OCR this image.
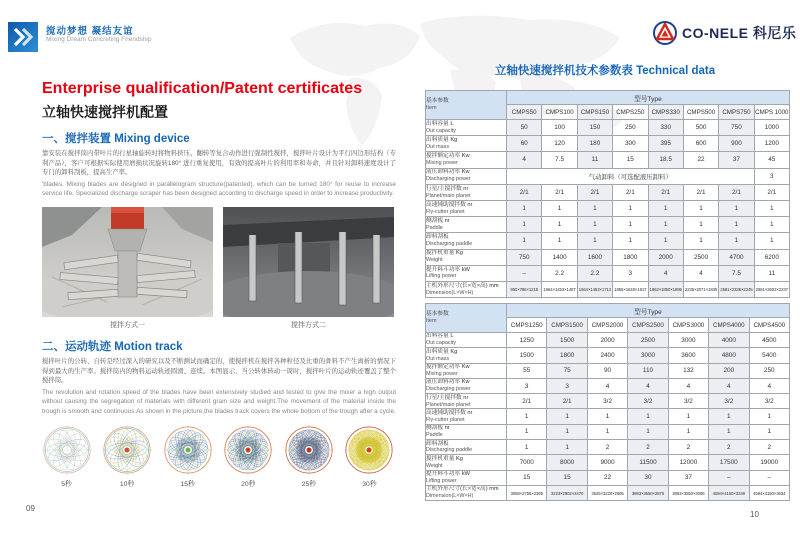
搅动梦想 凝结友谊
Mixing Dream Concreting Friendship	CO-NELE 科尼乐
Enterprise qualification/Patent certificates
立轴快速搅拌机配置
一、搅拌装置 Mixing device
靠安装在搅拌筒内带叶片的行星轴旋转时将物料挤压、翻转等复合动作进行强制性搅拌，搅拌叶片设计为平行四边形结构（专利产品），客户可根据实际使用磨损状况旋转180° 进行重复使用，有效的提高叶片的利用率和寿命，并且针对卸料速度设计了专门的卸料刮板，提高生产率。
'blades. Mixing blades are designed in parallelogram structure(patented), which can be turned 180° for reuse to increase service life. Specialized discharge scraper has been designed according to discharge speed in order to increase productivity.
搅拌方式一	搅拌方式二
二、运动轨迹 Motion track
搅拌叶片的公转、自转是经过深入的研究以及不断测试而确定的，使搅拌机在搅拌各种粒径及比重的骨料不产生离析的情况下得到最大的生产率。搅拌筒内的物料运动轨迹圆滑、连续。本图显示，当公转体转动一周时，搅拌叶片的运动轨迹覆盖了整个搅拌筒。
The revolution and rotation speed of the blades have been extensively studied and tested to give the mixer a high output without causing the segregation of materials with different grain size and weight.The movement of the material inside the trough is smooth and continuous.As shown in the picture,the blades track covers the whole bottom of the trough after a cycle.
5秒	10秒	15秒	20秒	25秒	30秒
09
10
立轴快速搅拌机技术参数表 Technical data
基本参数
Item	型号Type							
	CMPS50	CMPS100	CMPS150	CMPS250	CMPS330	CMPS500	CMPS750	CMPS 1000

出料容量 L
Out capacity	50	100	150	250	330	500	750	1000

出料质量 Kg
Out mass	60	120	180	300	395	600	900	1200

搅拌额定功率 Kw
Mixing power	4	7.5	11	15	18.5	22	37	45

液压卸料功率 Kw
Discharging power	气动卸料（可选配液压卸料）							3

行星/主搅拌数 nr
Planet/main planet	2/1	2/1	2/1	2/1	2/1	2/1	2/1	2/1

高速辅助搅拌数 nr
Fly-cutter planet	1	1	1	1	1	1	1	1

侧刮板 nr
Paddle	1	1	1	1	1	1	1	1

卸料刮板
Discharging paddle	1	1	1	1	1	1	1	1

搅拌机重量 Kg
Weight	750	1400	1600	1800	2000	2500	4700	6200

提升料斗功率 kW
Lifting power	–	2.2	2.2	3	4	4	7.5	11

主机外形尺寸(长×宽×高) mm
Dimension(L×W×H)	950×786×1215	1664×1453×1487	1664×1453×1712	1856×1648×1817	1862×1850×1895	2235×2071×1935	2581×2336×2245	2861×2602×2237
基本参数
Item	型号Type						
	CMPS1250	CMPS1500	CMPS2000	CMPS2500	CMPS3000	CMPS4000	CMPS4500

出料容量 L
Out capacity	1250	1500	2000	2500	3000	4000	4500

出料质量 Kg
Out mass	1500	1800	2400	3000	3600	4800	5400

搅拌额定功率 Kw
Mixing power	55	75	90	110	132	200	250

液压卸料功率 Kw
Discharging power	3	3	4	4	4	4	4

行星/主搅拌数 nr
Planet/main planet	2/1	2/1	3/2	3/2	3/2	3/2	3/2

高速辅助搅拌数 nr
Fly-cutter planet	1	1	1	1	1	1	1

侧刮板 nr
Paddle	1	1	1	1	1	1	1

卸料刮板
Discharging paddle	1	1	2	2	2	2	2

搅拌机重量 Kg
Weight	7000	8000	9000	11500	12000	17500	19000

提升料斗功率 kW
Lifting power	15	15	22	30	37	–	–

主机外形尺寸(长×宽×高) mm
Dimension(L×W×H)	3058×2756×2395	3223×2902×2470	3625×3230×2695	3893×3550×2875	3893×3550×3085	4594×4150×3249	4594×4150×3634
